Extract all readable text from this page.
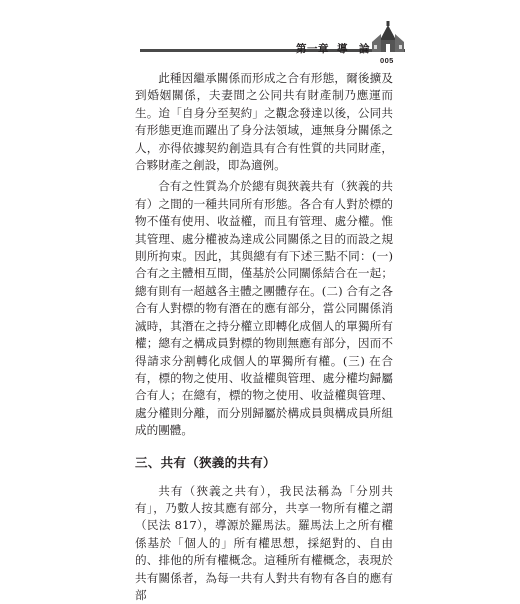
第一章 導　論
005

此種因繼承關係而形成之合有形態，爾後擴及到婚姻關係，夫妻間之公同共有財產制乃應運而生。迨「自身分至契約」之觀念發達以後，公同共有形態更進而躍出了身分法領域，連無身分關係之人，亦得依據契約創造具有合有性質的共同財產，合夥財產之創設，即為適例。

合有之性質為介於總有與狹義共有（狹義的共有）之間的一種共同所有形態。各合有人對於標的物不僅有使用、收益權，而且有管理、處分權。惟其管理、處分權被為達成公同關係之目的而設之規則所拘束。因此，其與總有有下述三點不同：(一) 合有之主體相互間，僅基於公同關係結合在一起；總有則有一超越各主體之團體存在。(二) 合有之各合有人對標的物有潛在的應有部分，當公同關係消滅時，其潛在之持分權立即轉化成個人的單獨所有權；總有之構成員對標的物則無應有部分，因而不得請求分割轉化成個人的單獨所有權。(三) 在合有，標的物之使用、收益權與管理、處分權均歸屬合有人；在總有，標的物之使用、收益權與管理、處分權則分離，而分別歸屬於構成員與構成員所組成的團體。

三、共有（狹義的共有）

共有（狹義之共有），我民法稱為「分別共有」，乃數人按其應有部分，共享一物所有權之謂（民法 817），導源於羅馬法。羅馬法上之所有權係基於「個人的」所有權思想，採絕對的、自由的、排他的所有權概念。這種所有權概念，表現於共有關係者，為每一共有人對共有物有各自的應有部
